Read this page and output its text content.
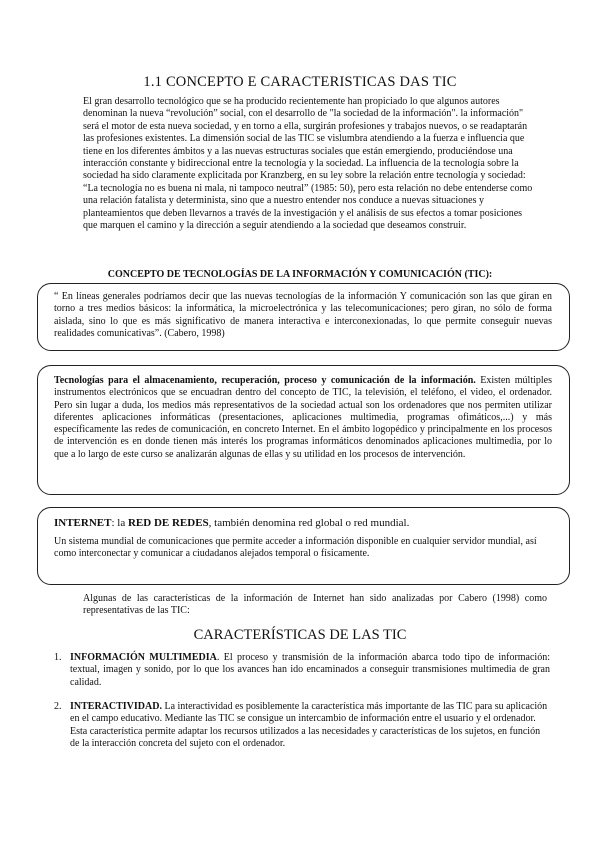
1.1 CONCEPTO E CARACTERISTICAS DAS TIC

El gran desarrollo tecnológico que se ha producido recientemente han propiciado lo que algunos autores denominan la nueva “revolución” social, con el desarrollo de "la sociedad de la información". la información" será el motor de esta nueva sociedad, y en torno a ella, surgirán profesiones y trabajos nuevos, o se readaptarán las profesiones existentes. La dimensión social de las TIC se vislumbra atendiendo a la fuerza e influencia que tiene en los diferentes ámbitos y a las nuevas estructuras sociales que están emergiendo, produciéndose una interacción constante y bidireccional entre la tecnología y la sociedad. La influencia de la tecnología sobre la sociedad ha sido claramente explicitada por Kranzberg, en su ley sobre la relación entre tecnología y sociedad: “La tecnología no es buena ni mala, ni tampoco neutral” (1985: 50), pero esta relación no debe entenderse como una relación fatalista y determinista, sino que a nuestro entender nos conduce a nuevas situaciones y planteamientos que deben llevarnos a través de la investigación y el análisis de sus efectos a tomar posiciones que marquen el camino y la dirección a seguir atendiendo a la sociedad que deseamos construir.

CONCEPTO DE TECNOLOGÍAS DE LA INFORMACIÓN Y COMUNICACIÓN (TIC):
“ En líneas generales podríamos decir que las nuevas tecnologías de la información Y comunicación son las que giran en torno a tres medios básicos: la informática, la microelectrónica y las telecomunicaciones; pero giran, no sólo de forma aislada, sino lo que es más significativo de manera interactiva e interconexionadas, lo que permite conseguir nuevas realidades comunicativas”. (Cabero, 1998)
Tecnologías para el almacenamiento, recuperación, proceso y comunicación de la información. Existen múltiples instrumentos electrónicos que se encuadran dentro del concepto de TIC, la televisión, el teléfono, el video, el ordenador. Pero sin lugar a duda, los medios más representativos de la sociedad actual son los ordenadores que nos permiten utilizar diferentes aplicaciones informáticas (presentaciones, aplicaciones multimedia, programas ofimáticos,...) y más específicamente las redes de comunicación, en concreto Internet. En el ámbito logopédico y principalmente en los procesos de intervención es en donde tienen más interés los programas informáticos denominados aplicaciones multimedia, por lo que a lo largo de este curso se analizarán algunas de ellas y su utilidad en los procesos de intervención.
INTERNET: la RED DE REDES, también denomina red global o red mundial.
Un sistema mundial de comunicaciones que permite acceder a información disponible en cualquier servidor mundial, así como interconectar y comunicar a ciudadanos alejados temporal o físicamente.
Algunas de las características de la información de Internet han sido analizadas por Cabero (1998) como representativas de las TIC:
CARACTERÍSTICAS DE LAS TIC
1. INFORMACIÓN MULTIMEDIA. El proceso y transmisión de la información abarca todo tipo de información: textual, imagen y sonido, por lo que los avances han ido encaminados a conseguir transmisiones multimedia de gran calidad.
2. INTERACTIVIDAD. La interactividad es posiblemente la característica más importante de las TIC para su aplicación en el campo educativo. Mediante las TIC se consigue un intercambio de información entre el usuario y el ordenador. Esta característica permite adaptar los recursos utilizados a las necesidades y características de los sujetos, en función de la interacción concreta del sujeto con el ordenador.
